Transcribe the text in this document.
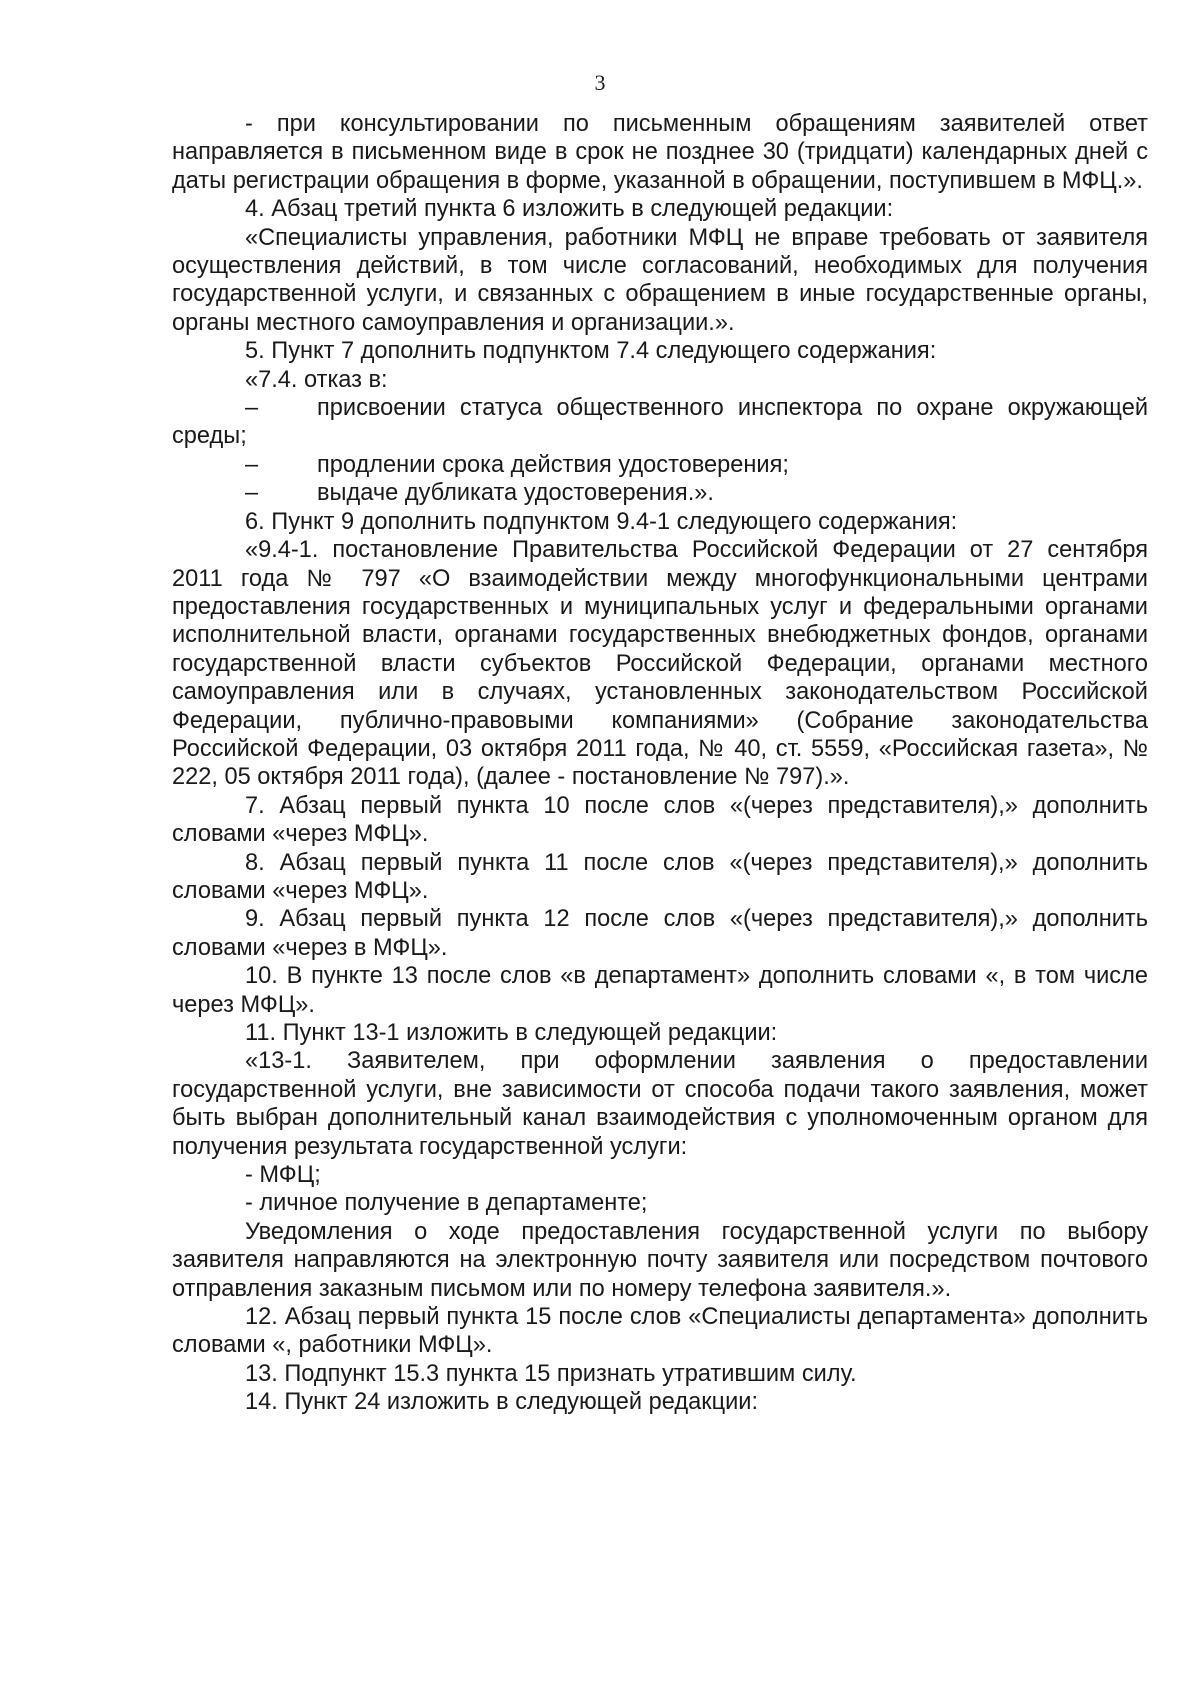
3

- при консультировании по письменным обращениям заявителей ответ направляется в письменном виде в срок не позднее 30 (тридцати) календарных дней с даты регистрации обращения в форме, указанной в обращении, поступившем в МФЦ.».

4. Абзац третий пункта 6 изложить в следующей редакции:

«Специалисты управления, работники МФЦ не вправе требовать от заявителя осуществления действий, в том числе согласований, необходимых для получения государственной услуги, и связанных с обращением в иные государственные органы, органы местного самоуправления и организации.».

5. Пункт 7 дополнить подпунктом 7.4 следующего содержания:

«7.4. отказ в:

– присвоении статуса общественного инспектора по охране окружающей среды;

– продлении срока действия удостоверения;

– выдаче дубликата удостоверения.».

6. Пункт 9 дополнить подпунктом 9.4-1 следующего содержания:

«9.4-1. постановление Правительства Российской Федерации от 27 сентября 2011 года № 797 «О взаимодействии между многофункциональными центрами предоставления государственных и муниципальных услуг и федеральными органами исполнительной власти, органами государственных внебюджетных фондов, органами государственной власти субъектов Российской Федерации, органами местного самоуправления или в случаях, установленных законодательством Российской Федерации, публично-правовыми компаниями» (Собрание законодательства Российской Федерации, 03 октября 2011 года, № 40, ст. 5559, «Российская газета», № 222, 05 октября 2011 года), (далее - постановление № 797).».

7. Абзац первый пункта 10 после слов «(через представителя),» дополнить словами «через МФЦ».

8. Абзац первый пункта 11 после слов «(через представителя),» дополнить словами «через МФЦ».

9. Абзац первый пункта 12 после слов «(через представителя),» дополнить словами «через в МФЦ».

10. В пункте 13 после слов «в департамент» дополнить словами «, в том числе через МФЦ».

11. Пункт 13-1 изложить в следующей редакции:

«13-1. Заявителем, при оформлении заявления о предоставлении государственной услуги, вне зависимости от способа подачи такого заявления, может быть выбран дополнительный канал взаимодействия с уполномоченным органом для получения результата государственной услуги:

- МФЦ;

- личное получение в департаменте;

Уведомления о ходе предоставления государственной услуги по выбору заявителя направляются на электронную почту заявителя или посредством почтового отправления заказным письмом или по номеру телефона заявителя.».

12. Абзац первый пункта 15 после слов «Специалисты департамента» дополнить словами «, работники МФЦ».

13. Подпункт 15.3 пункта 15 признать утратившим силу.

14. Пункт 24 изложить в следующей редакции:
